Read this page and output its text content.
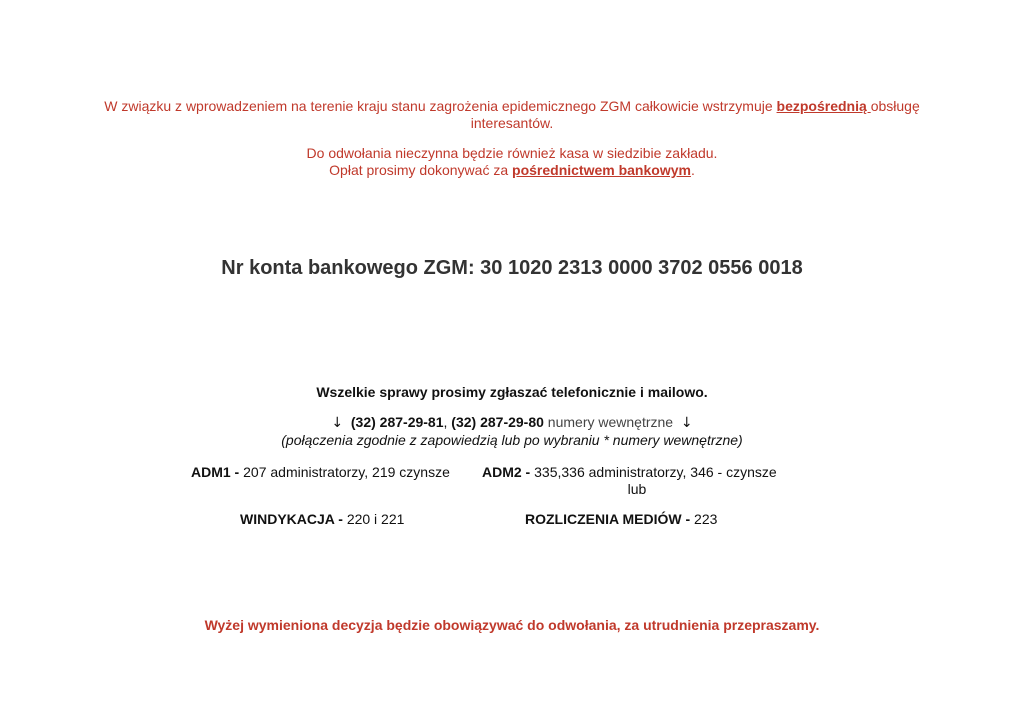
W związku z wprowadzeniem na terenie kraju stanu zagrożenia epidemicznego ZGM całkowicie wstrzymuje bezpośrednią obsługę

interesantów.

Do odwołania nieczynna będzie również kasa w siedzibie zakładu.

Opłat prosimy dokonywać za pośrednictwem bankowym.

Nr konta bankowego ZGM: 30 1020 2313 0000 3702 0556 0018
Wszelkie sprawy prosimy zgłaszać telefonicznie i mailowo.
↓ (32) 287-29-81, (32) 287-29-80 numery wewnętrzne  ↓
(połączenia zgodnie z zapowiedzią lub po wybraniu * numery wewnętrzne)
ADM1 - 207 administratorzy, 219 czynsze	ADM2 - 335,336 administratorzy, 346 - czynsze
lub
WINDYKACJA - 220 i 221	ROZLICZENIA MEDIÓW - 223
Wyżej wymieniona decyzja będzie obowiązywać do odwołania, za utrudnienia przepraszamy.
